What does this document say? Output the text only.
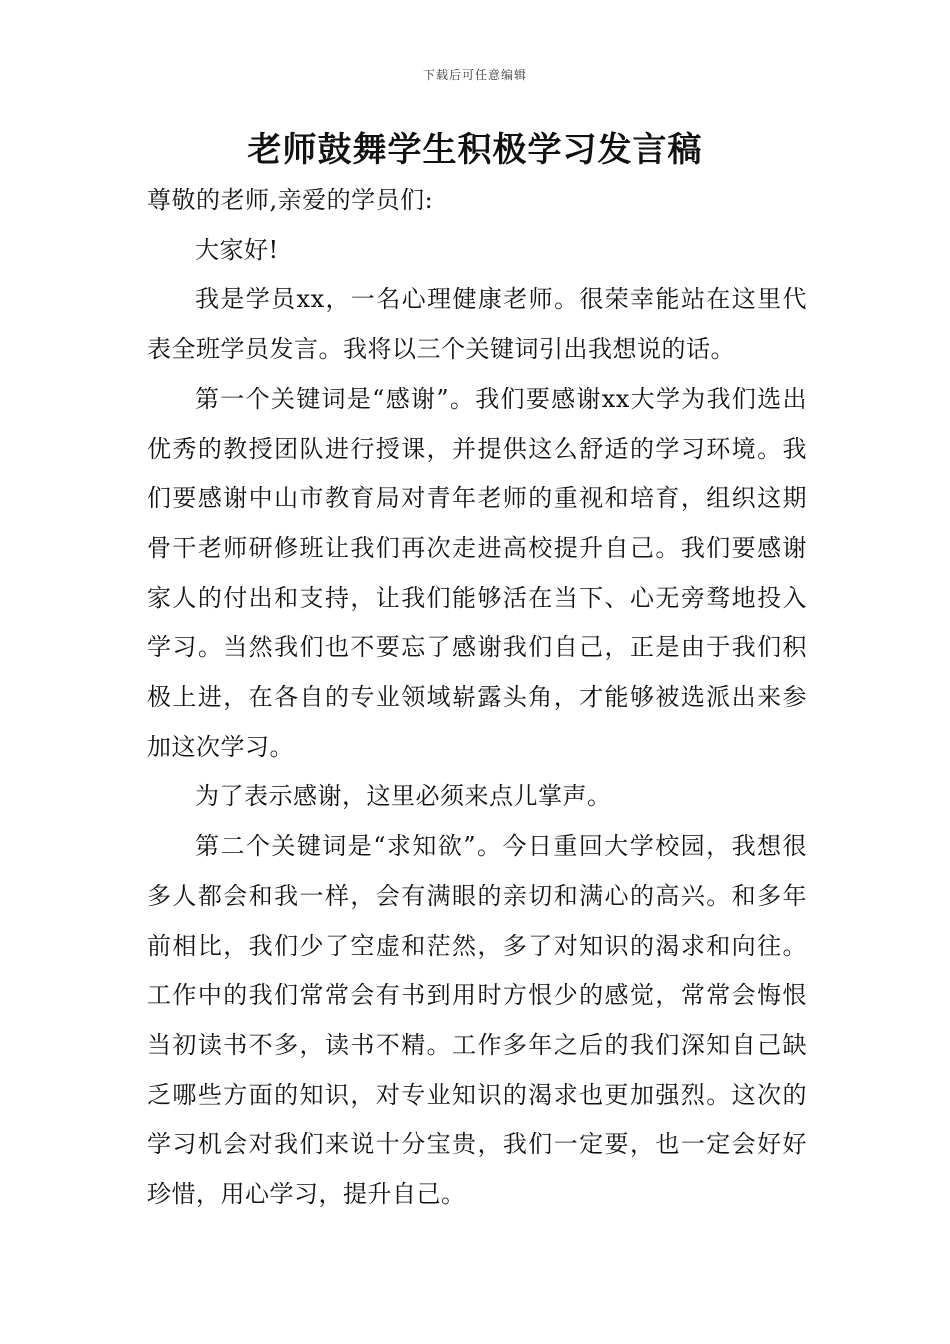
下载后可任意编辑
老师鼓舞学生积极学习发言稿

尊敬的老师,亲爱的学员们:

大家好!

我是学员xx，一名心理健康老师。很荣幸能站在这里代表全班学员发言。我将以三个关键词引出我想说的话。

第一个关键词是“感谢”。我们要感谢xx大学为我们选出优秀的教授团队进行授课，并提供这么舒适的学习环境。我们要感谢中山市教育局对青年老师的重视和培育，组织这期骨干老师研修班让我们再次走进高校提升自己。我们要感谢家人的付出和支持，让我们能够活在当下、心无旁骛地投入学习。当然我们也不要忘了感谢我们自己，正是由于我们积极上进，在各自的专业领域崭露头角，才能够被选派出来参加这次学习。

为了表示感谢，这里必须来点儿掌声。

第二个关键词是“求知欲”。今日重回大学校园，我想很多人都会和我一样，会有满眼的亲切和满心的高兴。和多年前相比，我们少了空虚和茫然，多了对知识的渴求和向往。工作中的我们常常会有书到用时方恨少的感觉，常常会悔恨当初读书不多，读书不精。工作多年之后的我们深知自己缺乏哪些方面的知识，对专业知识的渴求也更加强烈。这次的学习机会对我们来说十分宝贵，我们一定要，也一定会好好珍惜，用心学习，提升自己。
